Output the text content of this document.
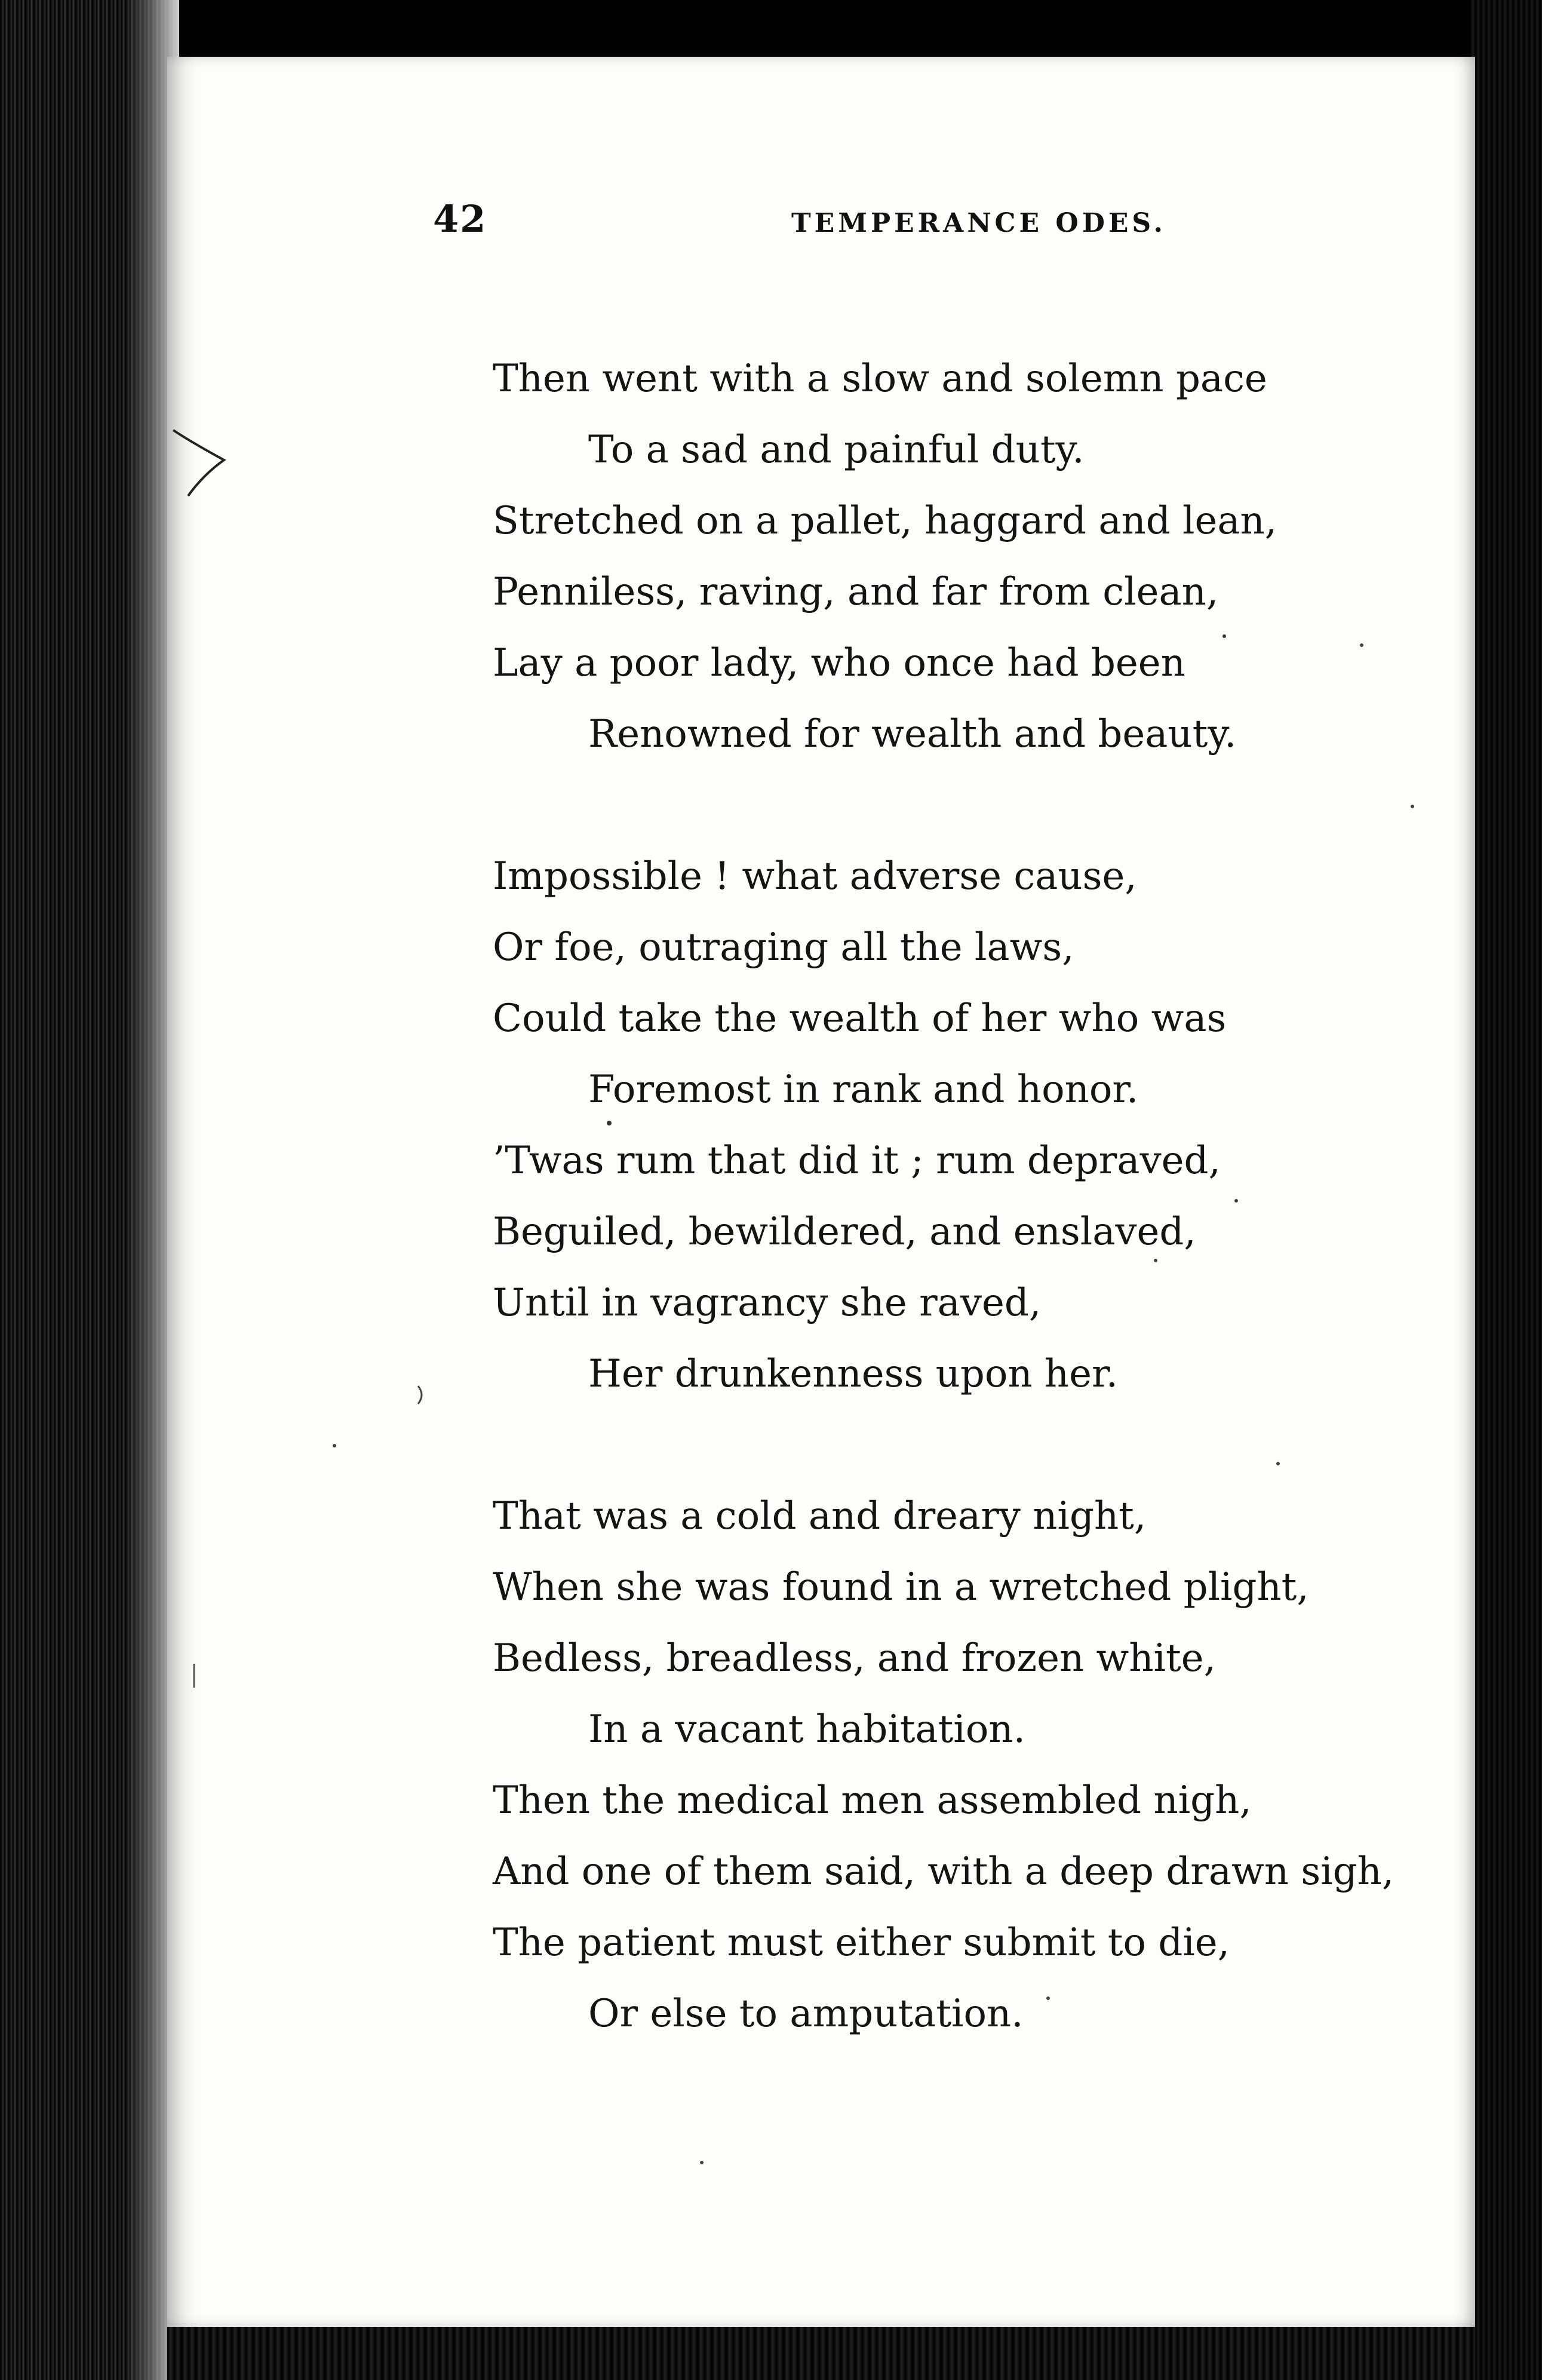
42	TEMPERANCE ODES.
Then went with a slow and solemn pace
To a sad and painful duty.
Stretched on a pallet, haggard and lean,
Penniless, raving, and far from clean,
Lay a poor lady, who once had been
Renowned for wealth and beauty.
Impossible ! what adverse cause,
Or foe, outraging all the laws,
Could take the wealth of her who was
Foremost in rank and honor.
’Twas rum that did it ; rum depraved,
Beguiled, bewildered, and enslaved,
Until in vagrancy she raved,
Her drunkenness upon her.
That was a cold and dreary night,
When she was found in a wretched plight,
Bedless, breadless, and frozen white,
In a vacant habitation.
Then the medical men assembled nigh,
And one of them said, with a deep drawn sigh,
The patient must either submit to die,
Or else to amputation.
